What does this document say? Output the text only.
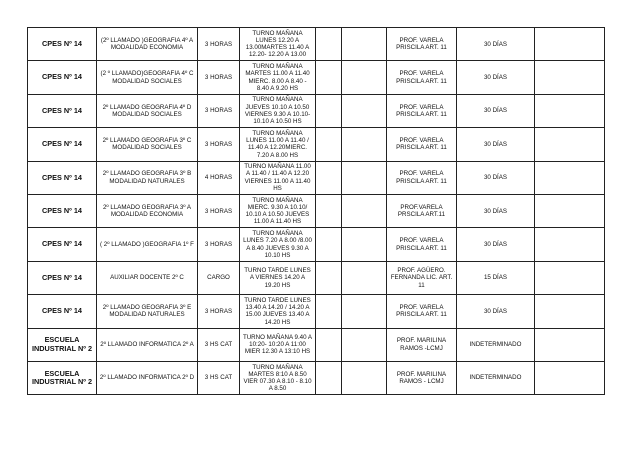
CPES Nº 14	(2º LLAMADO )GEOGRAFIA 4º A MODALIDAD ECONOMIA	3 HORAS	TURNO MAÑANA LUNES 12.20 A 13.00MARTES 11.40 A 12.20- 12.20 A 13.00			PROF. VARELA PRISCILA ART. 11	30 DÍAS	
CPES Nº 14	(2 º LLAMADO)GEOGRAFIA 4º C MODALIDAD SOCIALES	3 HORAS	TURNO MAÑANA MARTES 11.00 A 11.40 MIERC. 8.00 A 8.40 - 8.40 A 9.20 HS			PROF. VARELA PRISCILA ART. 11	30 DÍAS	
CPES Nº 14	2º LLAMADO GEOGRAFIA 4º D MODALIDAD SOCIALES	3 HORAS	TURNO MAÑANA JUEVES 10.10 A 10.50 VIERNES 9.30 A 10.10- 10.10 A 10.50 HS			PROF. VARELA PRISCILA ART. 11	30 DÍAS	
CPES Nº 14	2º LLAMADO GEOGRAFIA 3º C MODALIDAD SOCIALES	3 HORAS	TURNO MAÑANA LUNES 11.00 A 11.40 / 11.40 A 12.20MIERC. 7.20 A 8.00 HS			PROF. VARELA PRISCILA ART. 11	30 DÍAS	
CPES Nº 14	2º LLAMADO GEOGRAFIA 3º B MODALIDAD NATURALES	4 HORAS	TURNO MAÑANA 11.00 A 11.40 / 11.40 A 12.20 VIERNES 11.00 A 11.40 HS			PROF. VARELA PRISCILA ART. 11	30 DÍAS	
CPES Nº 14	2º LLAMADO GEOGRAFIA 3º A MODALIDAD ECONOMIA	3 HORAS	TURNO MAÑANA MIERC. 9.30 A 10.10/ 10.10 A 10.50 JUEVES 11.00 A 11.40 HS			PROF.VARELA PRSCILA ART.11	30 DÍAS	
CPES Nº 14	( 2º LLAMADO )GEOGRAFIA 1º F	3 HORAS	TURNO MAÑANA LUNES 7.20 A 8.00 /8.00 A 8.40 JUEVES 9.30 A 10.10 HS			PROF. VARELA PRISCILA ART. 11	30 DÍAS	
CPES Nº 14	AUXILIAR DOCENTE 2º C	CARGO	TURNO TARDE LUNES A VIERNES 14.20 A 19.20 HS			PROF. AGÜERO. FERNANDA LIC. ART. 11	15 DÍAS	
CPES Nº 14	2º LLAMADO GEOGRAFIA 3º E MODALIDAD NATURALES	3 HORAS	TURNO TARDE LUNES 13.40 A 14.20 / 14.20 A 15.00 JUEVES 13.40 A 14.20 HS			PROF. VARELA PRISCILA ART. 11	30 DÍAS	
ESCUELA INDUSTRIAL Nº 2	2º LLAMADO INFORMATICA 2º A	3 HS CAT	TURNO MAÑANA 9.40 A 10:20- 10:20 A 11:00 MIER 12.30 A 13:10 HS			PROF. MARILINA RAMOS -LCMJ	INDETERMINADO	
ESCUELA INDUSTRIAL Nº 2	2º LLAMADO INFORMATICA 2º D	3 HS CAT	TURNO MAÑANA MARTES 8:10 A 8.50 VIER 07.30 A 8.10 - 8.10 A 8.50			PROF. MARILINA RAMOS - LCMJ	INDETERMINADO	
